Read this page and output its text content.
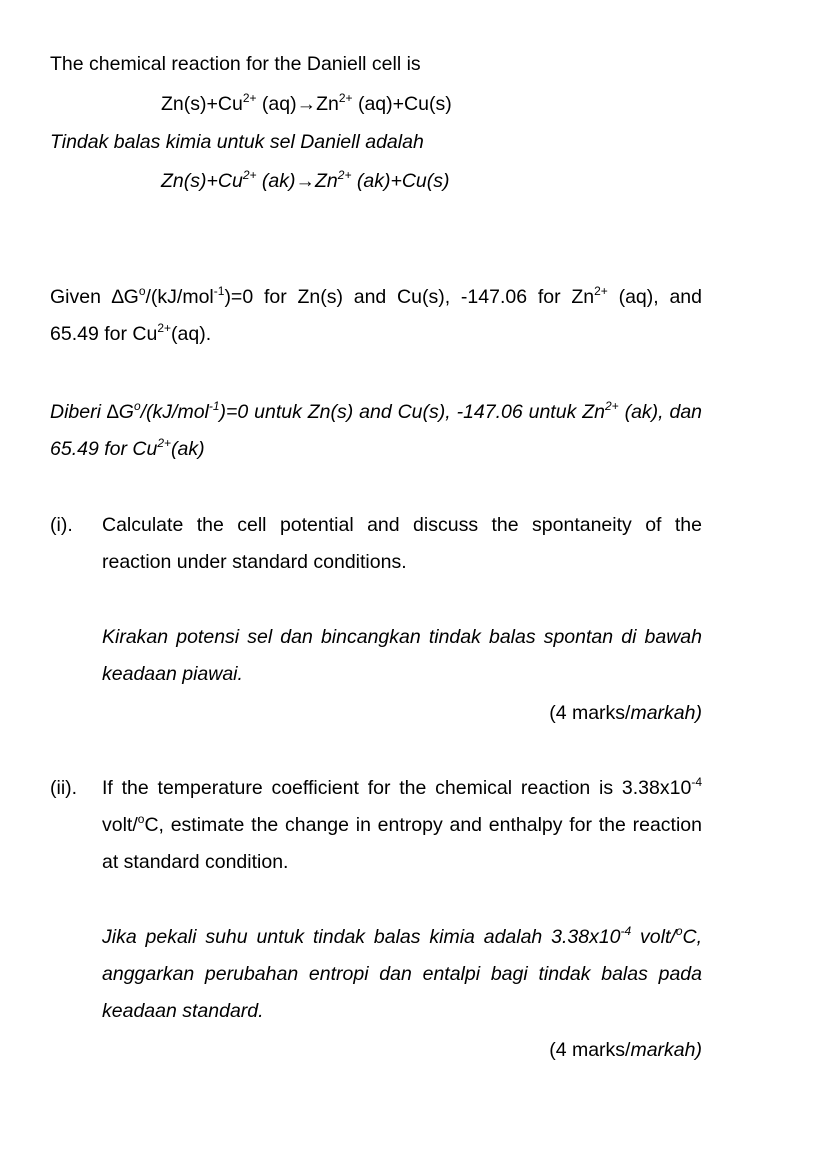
The chemical reaction for the Daniell cell is

$Zn(s)+Cu^{2+}$ $(aq)\to Zn^{2+}$ (aq)+Cu(s)

Tindak balas kimia untuk sel Daniell adalah

$Zn(s)+Cu^{2+}$ $(ak)\to Zn^{2+}$ (ak)+Cu(s)

Given $\Delta G^o/(kJ/mol^{-1})=0$ for Zn(s) and Cu(s), -147.06 for $Zn^{2+}$ (aq), and 65.49 for $Cu^{2+}(aq)$.

Diberi $\Delta G^o/(kJ/mol^{-1})=0$ untuk Zn(s) and Cu(s), -147.06 untuk $Zn^{2+}$ (ak), dan 65.49 for $Cu^{2+}(ak)$

(i). Calculate the cell potential and discuss the spontaneity of the reaction under standard conditions.

Kirakan potensi sel dan bincangkan tindak balas spontan di bawah keadaan piawai.

(4 marks/markah)

(ii). If the temperature coefficient for the chemical reaction is $3.38x10^{-4}$ volt/$^o$C, estimate the change in entropy and enthalpy for the reaction at standard condition.

Jika pekali suhu untuk tindak balas kimia adalah $3.38x10^{-4}$ volt/$^o$C, anggarkan perubahan entropi dan entalpi bagi tindak balas pada keadaan standard.

(4 marks/markah)
